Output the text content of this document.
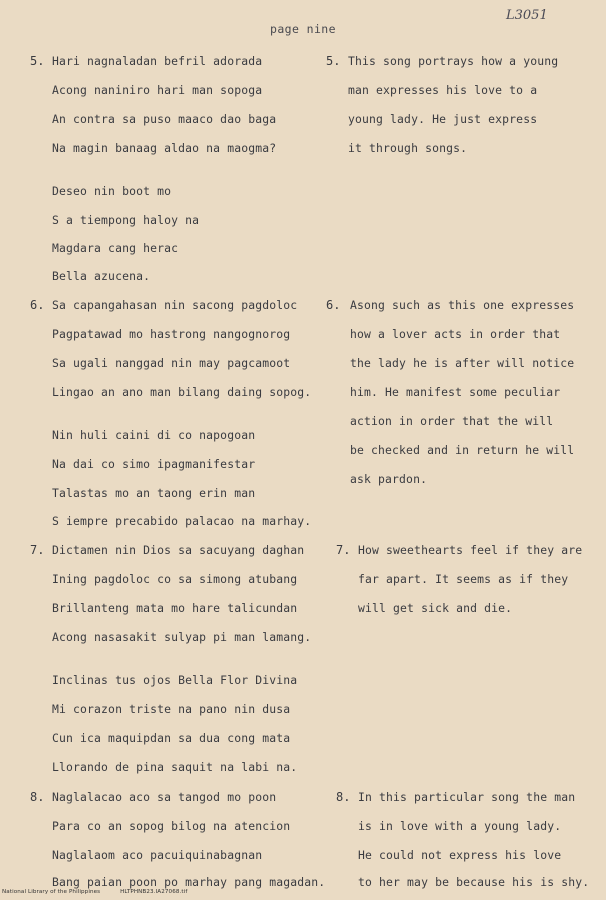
page nine
L3051
5. Hari nagnaladan befril adorada
Acong naniniro hari man sopoga
An contra sa puso maaco dao baga
Na magin banaag aldao na maogma?
Deseo nin boot mo
S a tiempong haloy na
Magdara cang herac
Bella azucena.
5. This song portrays how a young
man expresses his love to a
young lady. He just express
it through songs.
6. Sa capangahasan nin sacong pagdoloc
Pagpatawad mo hastrong nangognorog
Sa ugali nanggad nin may pagcamoot
Lingao an ano man bilang daing sopog.
Nin huli caini di co napogoan
Na dai co simo ipagmanifestar
Talastas mo an taong erin man
S iempre precabido palacao na marhay.
6. Asong such as this one expresses
how a lover acts in order that
the lady he is after will notice
him. He manifest some peculiar
action in order that the will
be checked and in return he will
ask pardon.
7. Dictamen nin Dios sa sacuyang daghan
Ining pagdoloc co sa simong atubang
Brillanteng mata mo hare talicundan
Acong nasasakit sulyap pi man lamang.
Inclinas tus ojos Bella Flor Divina
Mi corazon triste na pano nin dusa
Cun ica maquipdan sa dua cong mata
Llorando de pina saquit na labi na.
7. How sweethearts feel if they are
far apart. It seems as if they
will get sick and die.
8. Naglalacao aco sa tangod mo poon
Para co an sopog bilog na atencion
Naglalaom aco pacuiquinabagnan
Bang paian poon po marhay pang magadan.
8. In this particular song the man
is in love with a young lady.
He could not express his love
to her may be because his is shy.
National Library of the Philippines	HLTPHNB23.IA27068.tif
